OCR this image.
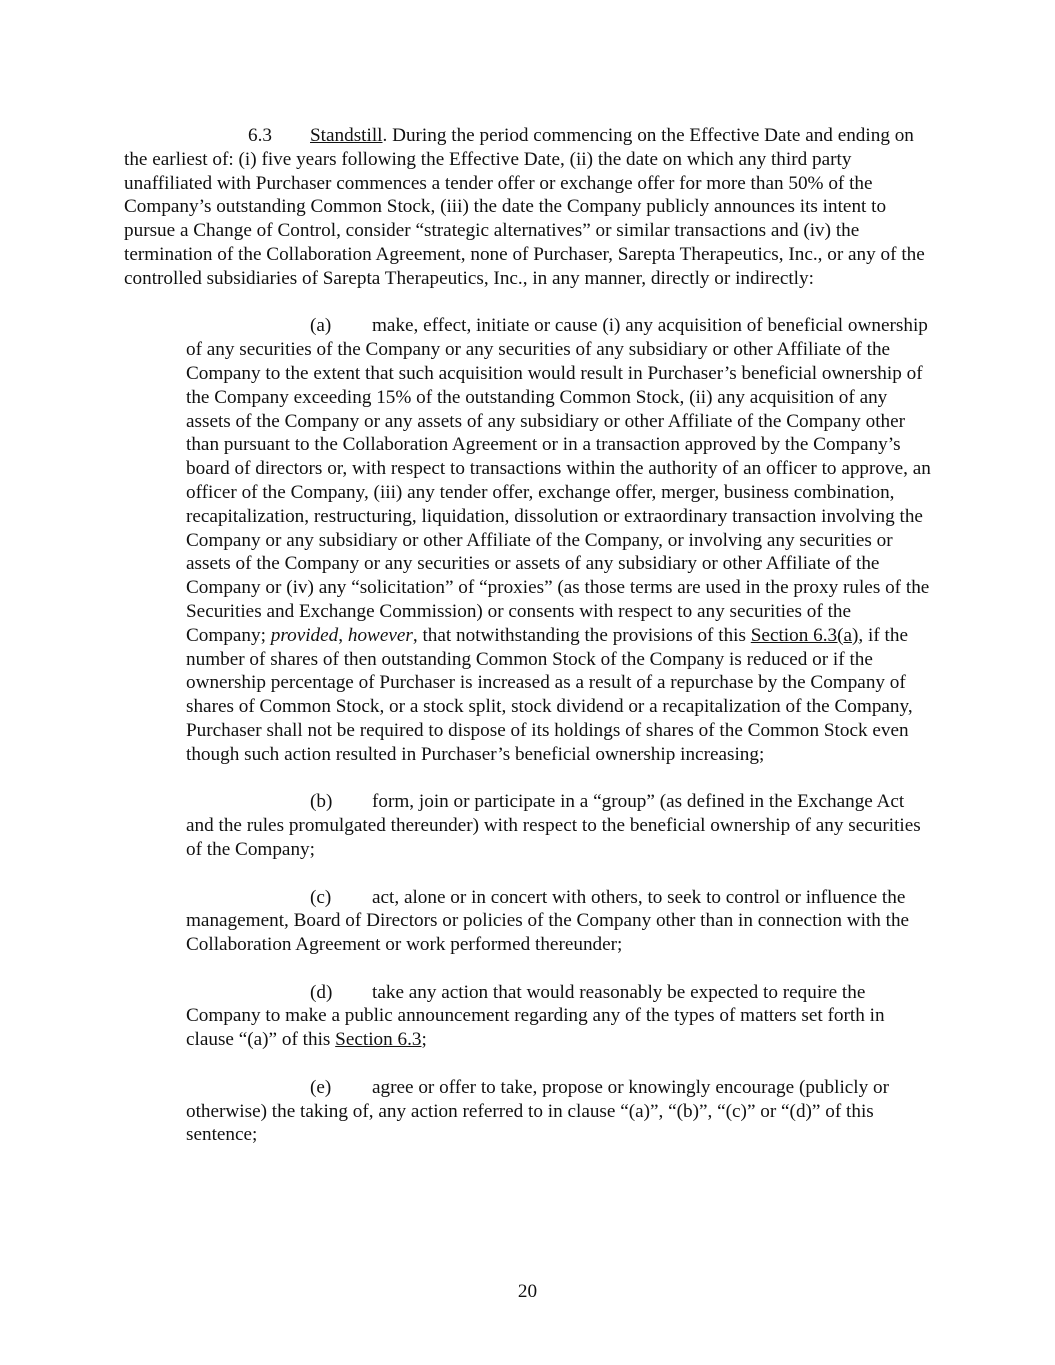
6.3 Standstill. During the period commencing on the Effective Date and ending on the earliest of: (i) five years following the Effective Date, (ii) the date on which any third party unaffiliated with Purchaser commences a tender offer or exchange offer for more than 50% of the Company’s outstanding Common Stock, (iii) the date the Company publicly announces its intent to pursue a Change of Control, consider “strategic alternatives” or similar transactions and (iv) the termination of the Collaboration Agreement, none of Purchaser, Sarepta Therapeutics, Inc., or any of the controlled subsidiaries of Sarepta Therapeutics, Inc., in any manner, directly or indirectly:

(a) make, effect, initiate or cause (i) any acquisition of beneficial ownership of any securities of the Company or any securities of any subsidiary or other Affiliate of the Company to the extent that such acquisition would result in Purchaser’s beneficial ownership of the Company exceeding 15% of the outstanding Common Stock, (ii) any acquisition of any assets of the Company or any assets of any subsidiary or other Affiliate of the Company other than pursuant to the Collaboration Agreement or in a transaction approved by the Company’s board of directors or, with respect to transactions within the authority of an officer to approve, an officer of the Company, (iii) any tender offer, exchange offer, merger, business combination, recapitalization, restructuring, liquidation, dissolution or extraordinary transaction involving the Company or any subsidiary or other Affiliate of the Company, or involving any securities or assets of the Company or any securities or assets of any subsidiary or other Affiliate of the Company or (iv) any “solicitation” of “proxies” (as those terms are used in the proxy rules of the Securities and Exchange Commission) or consents with respect to any securities of the Company; provided, however, that notwithstanding the provisions of this Section 6.3(a), if the number of shares of then outstanding Common Stock of the Company is reduced or if the ownership percentage of Purchaser is increased as a result of a repurchase by the Company of shares of Common Stock, or a stock split, stock dividend or a recapitalization of the Company, Purchaser shall not be required to dispose of its holdings of shares of the Common Stock even though such action resulted in Purchaser’s beneficial ownership increasing;

(b) form, join or participate in a “group” (as defined in the Exchange Act and the rules promulgated thereunder) with respect to the beneficial ownership of any securities of the Company;

(c) act, alone or in concert with others, to seek to control or influence the management, Board of Directors or policies of the Company other than in connection with the Collaboration Agreement or work performed thereunder;

(d) take any action that would reasonably be expected to require the Company to make a public announcement regarding any of the types of matters set forth in clause “(a)” of this Section 6.3;

(e) agree or offer to take, propose or knowingly encourage (publicly or otherwise) the taking of, any action referred to in clause “(a)”, “(b)”, “(c)” or “(d)” of this sentence;

20
